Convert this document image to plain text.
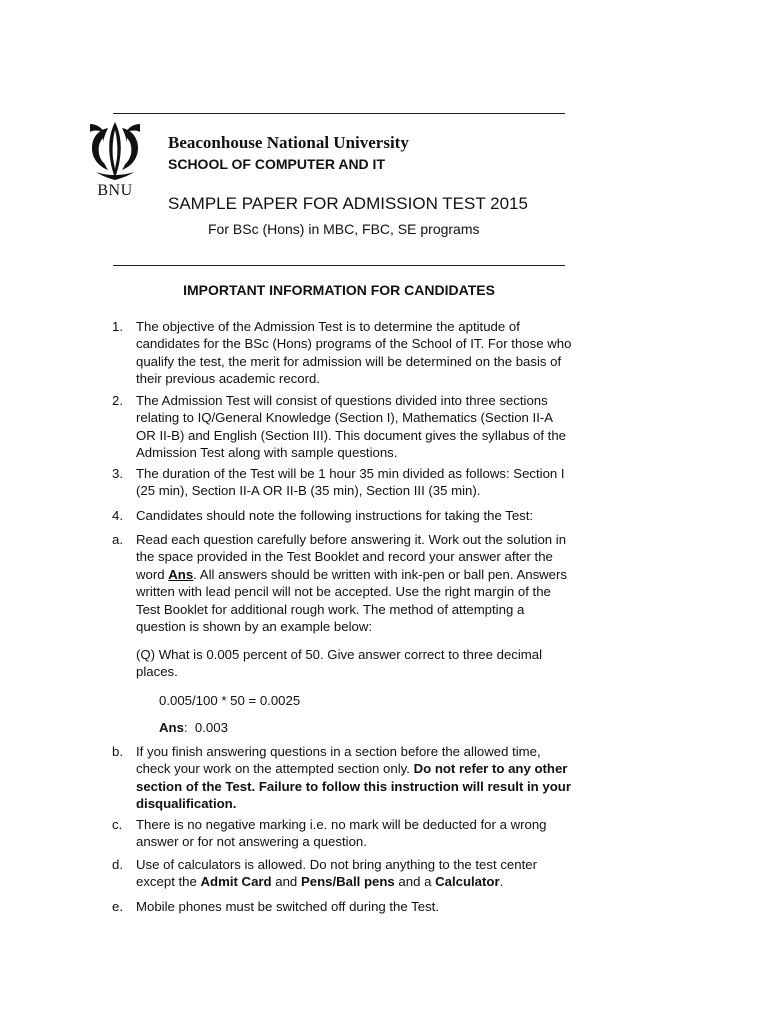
BNU
Beaconhouse National University
SCHOOL OF COMPUTER AND IT
SAMPLE PAPER FOR ADMISSION TEST 2015
For BSc (Hons) in MBC, FBC, SE programs
IMPORTANT INFORMATION FOR CANDIDATES
1. The objective of the Admission Test is to determine the aptitude of candidates for the BSc (Hons) programs of the School of IT. For those who qualify the test, the merit for admission will be determined on the basis of their previous academic record.
2. The Admission Test will consist of questions divided into three sections relating to IQ/General Knowledge (Section I), Mathematics (Section II-A OR II-B) and English (Section III). This document gives the syllabus of the Admission Test along with sample questions.
3. The duration of the Test will be 1 hour 35 min divided as follows: Section I (25 min), Section II-A OR II-B (35 min), Section III (35 min).
4. Candidates should note the following instructions for taking the Test:
a. Read each question carefully before answering it. Work out the solution in the space provided in the Test Booklet and record your answer after the word Ans. All answers should be written with ink-pen or ball pen. Answers written with lead pencil will not be accepted. Use the right margin of the Test Booklet for additional rough work. The method of attempting a question is shown by an example below:
(Q) What is 0.005 percent of 50. Give answer correct to three decimal places.
0.005/100 * 50 = 0.0025
Ans: 0.003
b. If you finish answering questions in a section before the allowed time, check your work on the attempted section only. Do not refer to any other section of the Test. Failure to follow this instruction will result in your disqualification.
c. There is no negative marking i.e. no mark will be deducted for a wrong answer or for not answering a question.
d. Use of calculators is allowed. Do not bring anything to the test center except the Admit Card and Pens/Ball pens and a Calculator.
e. Mobile phones must be switched off during the Test.
